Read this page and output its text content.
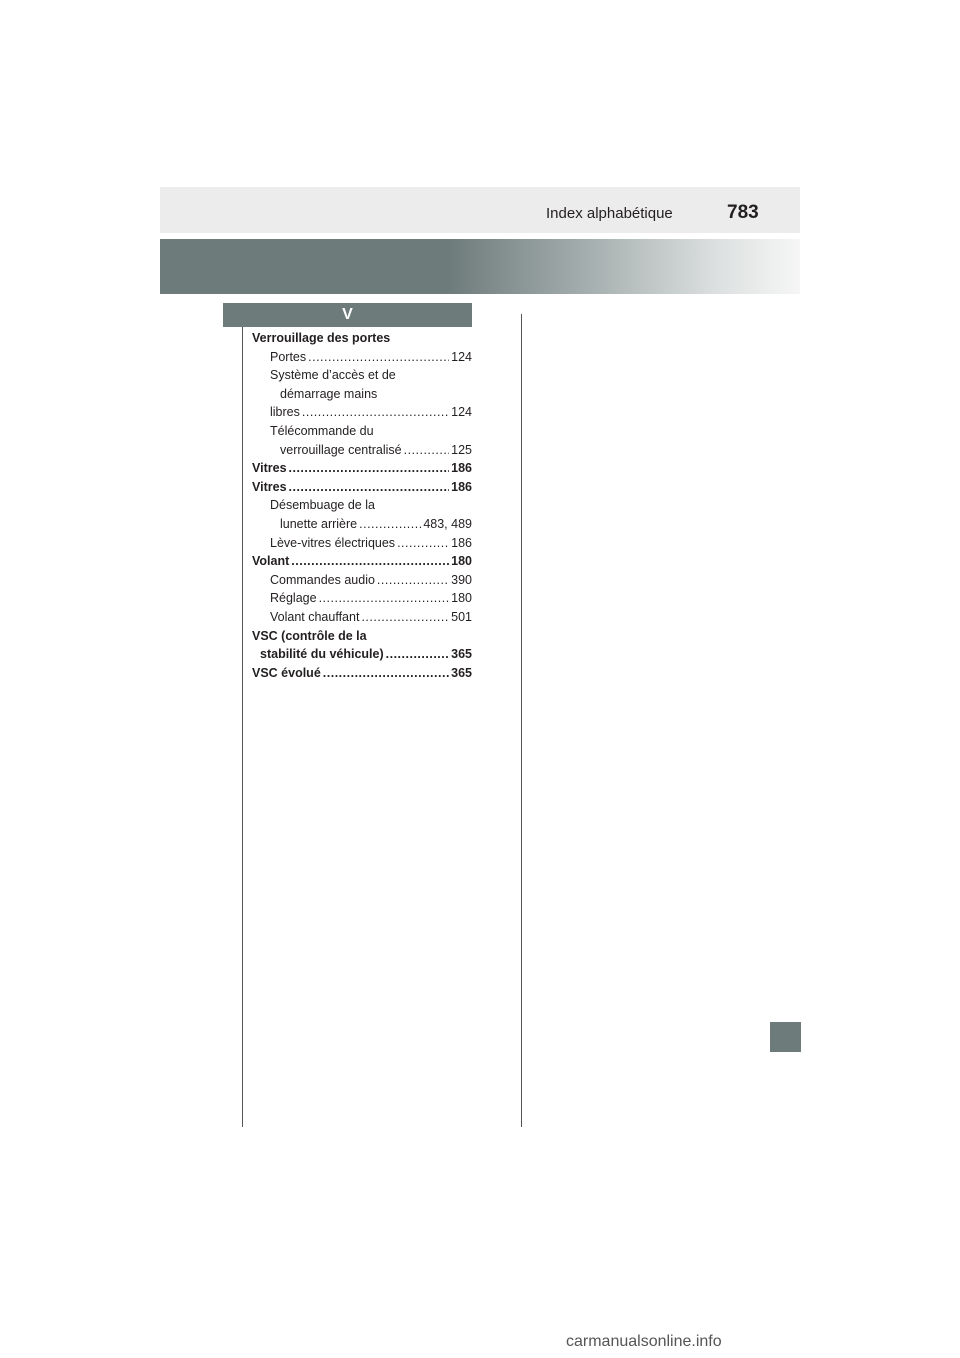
Index alphabétique	783
V
Verrouillage des portes
Portes .....	124
Système d’accès et de
démarrage mains
libres .....	124
Télécommande du
verrouillage centralisé .....	125
Vitres .....	186
Vitres .....	186
Désembuage de la
lunette arrière .....	483, 489
Lève-vitres électriques .....	186
Volant .....	180
Commandes audio .....	390
Réglage .....	180
Volant chauffant .....	501
VSC (contrôle de la
stabilité du véhicule) .....	365
VSC évolué .....	365
carmanualsonline.info
